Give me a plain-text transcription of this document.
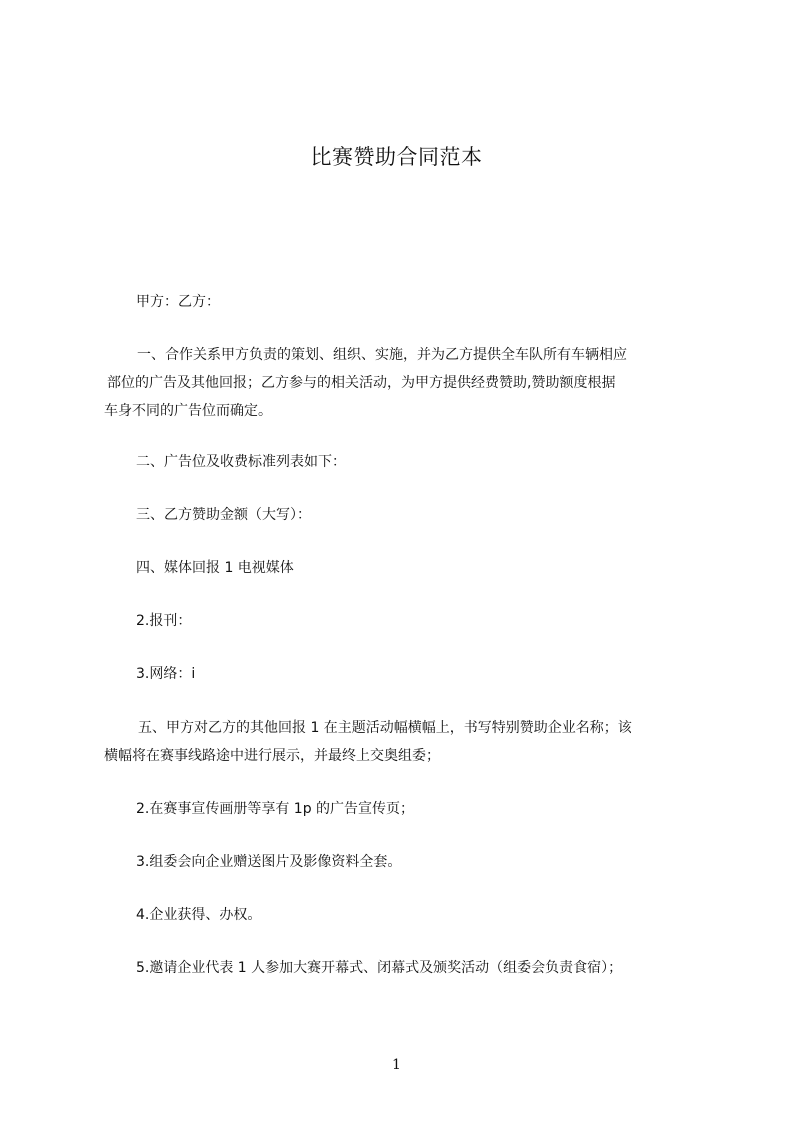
比赛赞助合同范本
甲方：乙方：
一、合作关系甲方负责的策划、组织、实施，并为乙方提供全车队所有车辆相应
部位的广告及其他回报；乙方参与的相关活动，为甲方提供经费赞助,赞助额度根据
车身不同的广告位而确定。
二、广告位及收费标准列表如下：
三、乙方赞助金额（大写）：
四、媒体回报 1 电视媒体
2.报刊：
3.网络：i
五、甲方对乙方的其他回报 1 在主题活动幅横幅上，书写特别赞助企业名称；该
横幅将在赛事线路途中进行展示，并最终上交奥组委；
2.在赛事宣传画册等享有 1p 的广告宣传页；
3.组委会向企业赠送图片及影像资料全套。
4.企业获得、办权。
5.邀请企业代表 1 人参加大赛开幕式、闭幕式及颁奖活动（组委会负责食宿）；
1
